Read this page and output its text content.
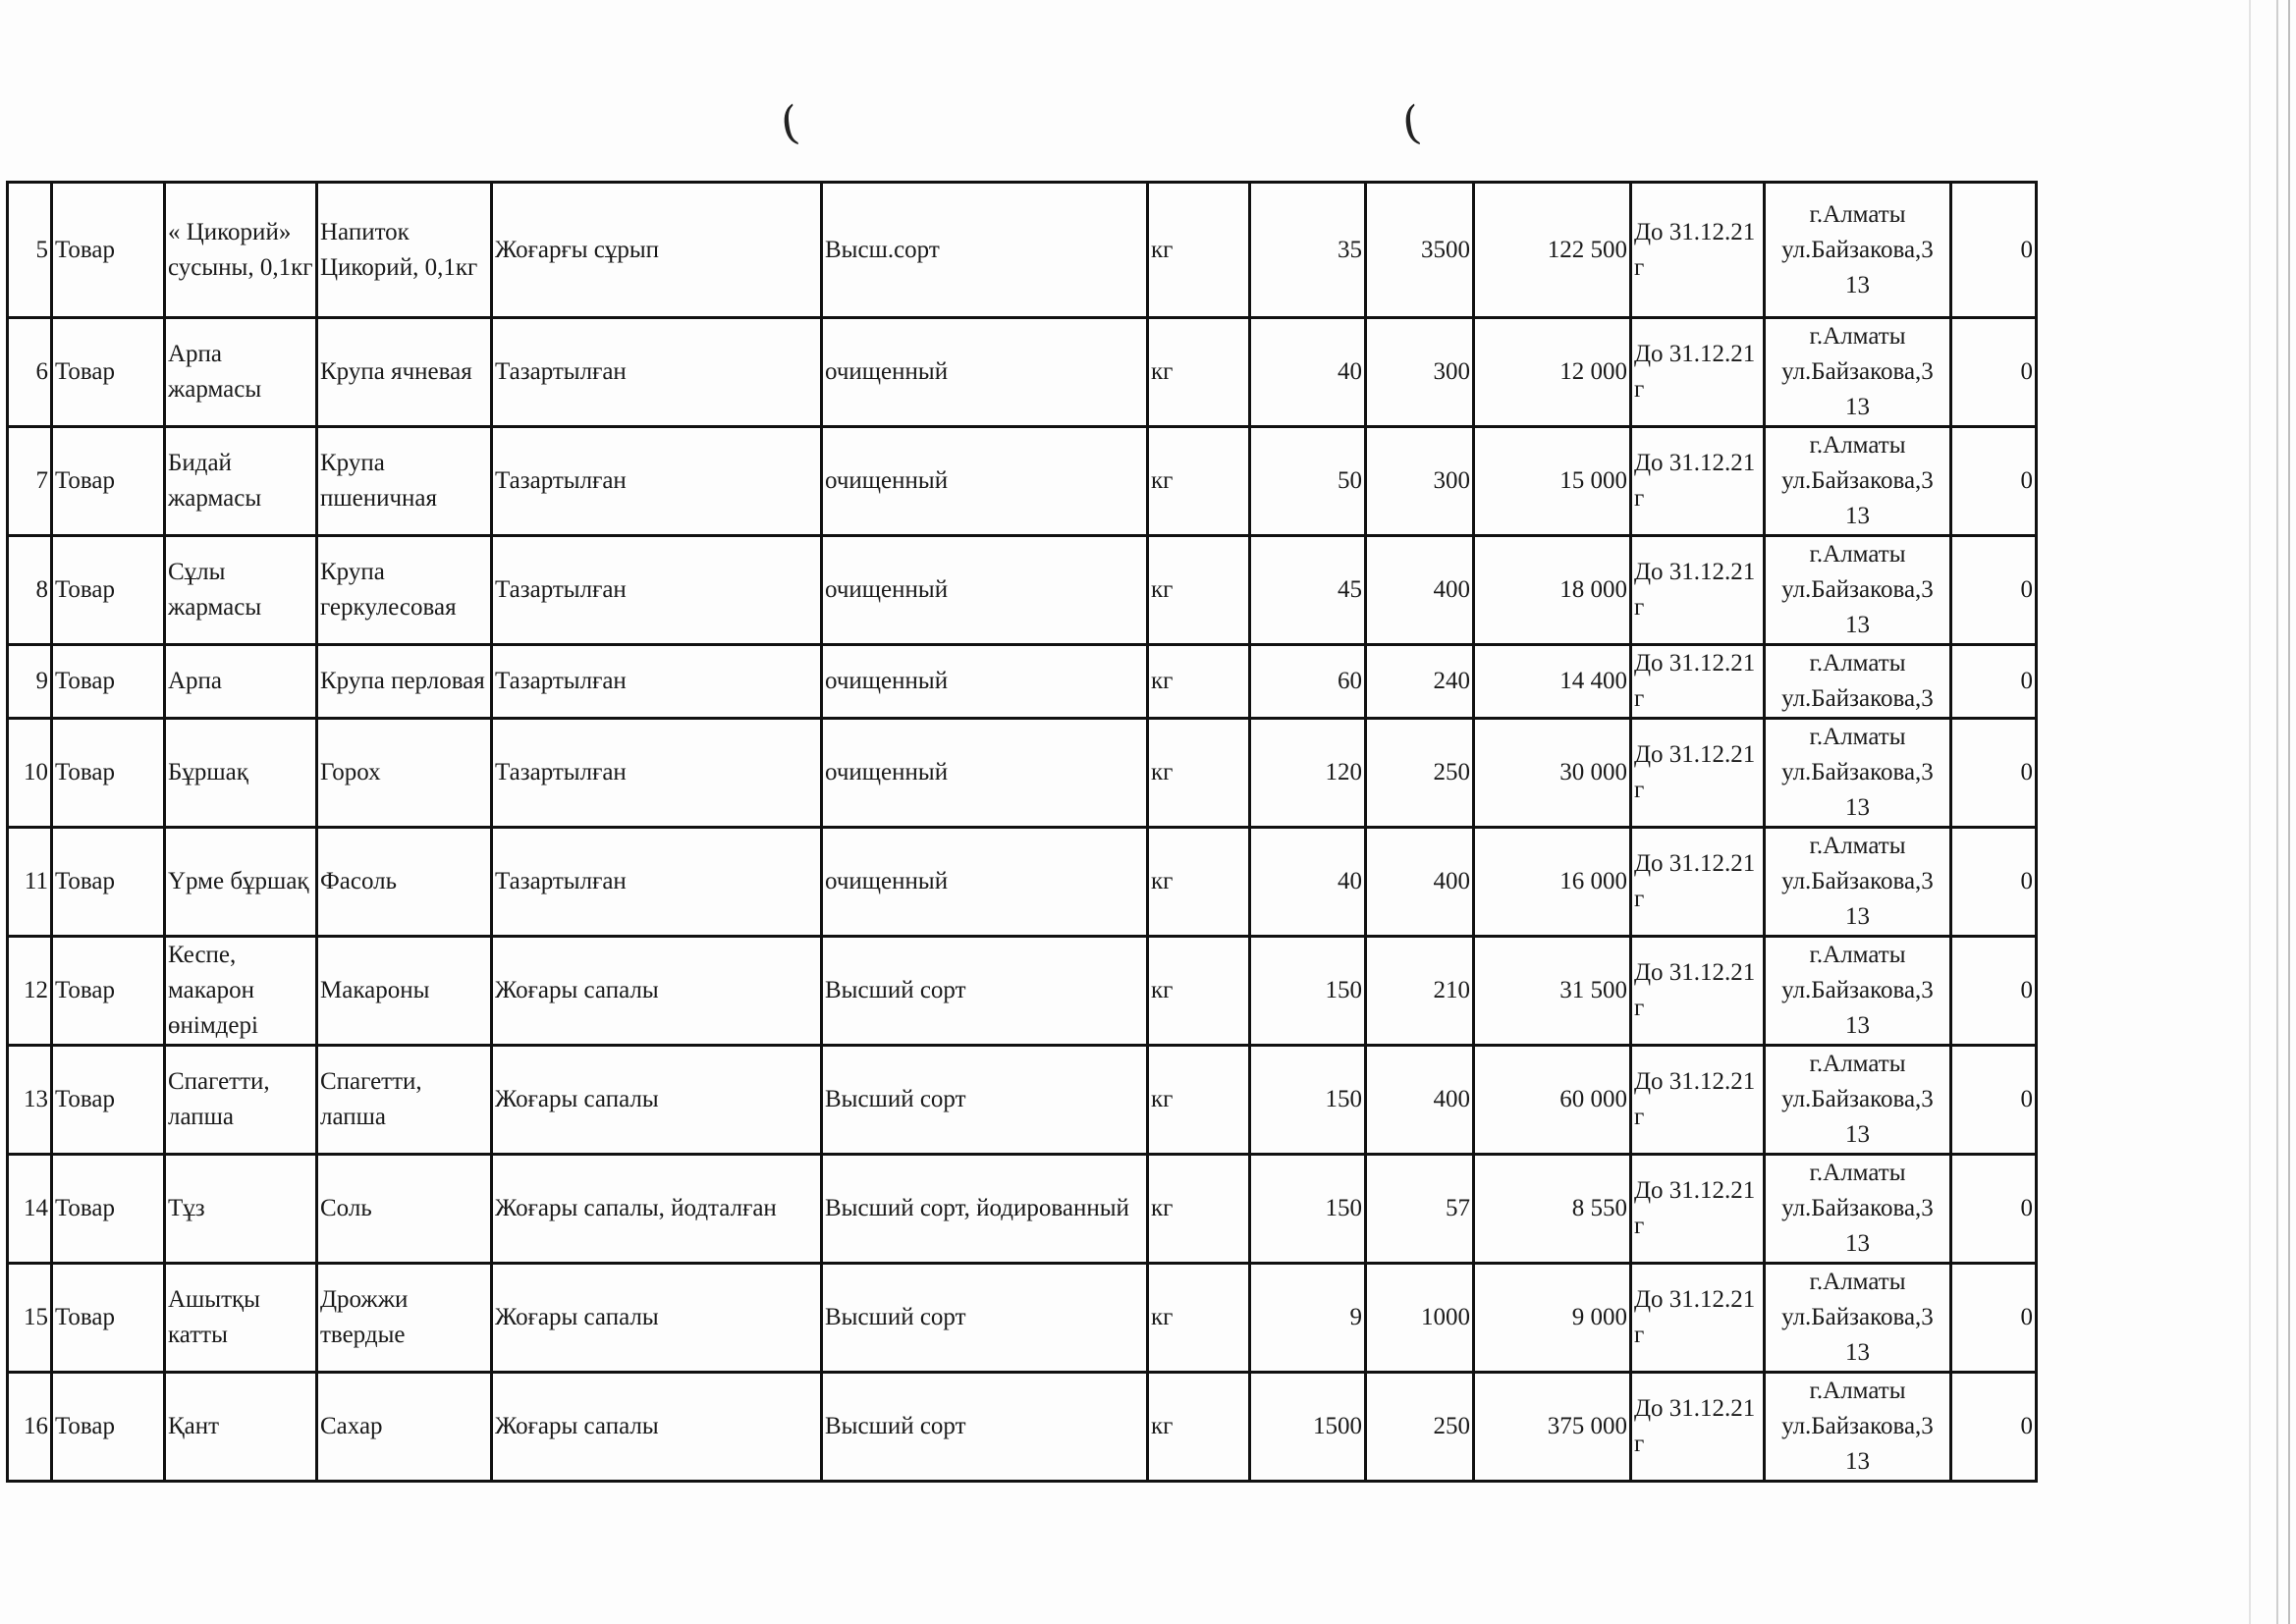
(	(
5	Товар	« Цикорий» сусыны, 0,1кг	Напиток Цикорий, 0,1кг	Жоғарғы сұрып	Высш.сорт	кг	35	3500	122 500	До 31.12.21 г	г.Алматы ул.Байзакова,3 13	0
6	Товар	Арпа жармасы	Крупа ячневая	Тазартылған	очищенный	кг	40	300	12 000	До 31.12.21 г	г.Алматы ул.Байзакова,3 13	0
7	Товар	Бидай жармасы	Крупа пшеничная	Тазартылған	очищенный	кг	50	300	15 000	До 31.12.21 г	г.Алматы ул.Байзакова,3 13	0
8	Товар	Сұлы жармасы	Крупа геркулесовая	Тазартылған	очищенный	кг	45	400	18 000	До 31.12.21 г	г.Алматы ул.Байзакова,3 13	0
9	Товар	Арпа	Крупа перловая	Тазартылған	очищенный	кг	60	240	14 400	До 31.12.21 г	г.Алматы ул.Байзакова,3	0
10	Товар	Бұршақ	Горох	Тазартылған	очищенный	кг	120	250	30 000	До 31.12.21 г	г.Алматы ул.Байзакова,3 13	0
11	Товар	Үрме бұршақ	Фасоль	Тазартылған	очищенный	кг	40	400	16 000	До 31.12.21 г	г.Алматы ул.Байзакова,3 13	0
12	Товар	Кеспе, макарон өнімдері	Макароны	Жоғары сапалы	Высший сорт	кг	150	210	31 500	До 31.12.21 г	г.Алматы ул.Байзакова,3 13	0
13	Товар	Спагетти, лапша	Спагетти, лапша	Жоғары сапалы	Высший сорт	кг	150	400	60 000	До 31.12.21 г	г.Алматы ул.Байзакова,3 13	0
14	Товар	Тұз	Соль	Жоғары сапалы, йодталған	Высший сорт, йодированный	кг	150	57	8 550	До 31.12.21 г	г.Алматы ул.Байзакова,3 13	0
15	Товар	Ашытқы катты	Дрожжи твердые	Жоғары сапалы	Высший сорт	кг	9	1000	9 000	До 31.12.21 г	г.Алматы ул.Байзакова,3 13	0
16	Товар	Қант	Сахар	Жоғары сапалы	Высший сорт	кг	1500	250	375 000	До 31.12.21 г	г.Алматы ул.Байзакова,3 13	0
